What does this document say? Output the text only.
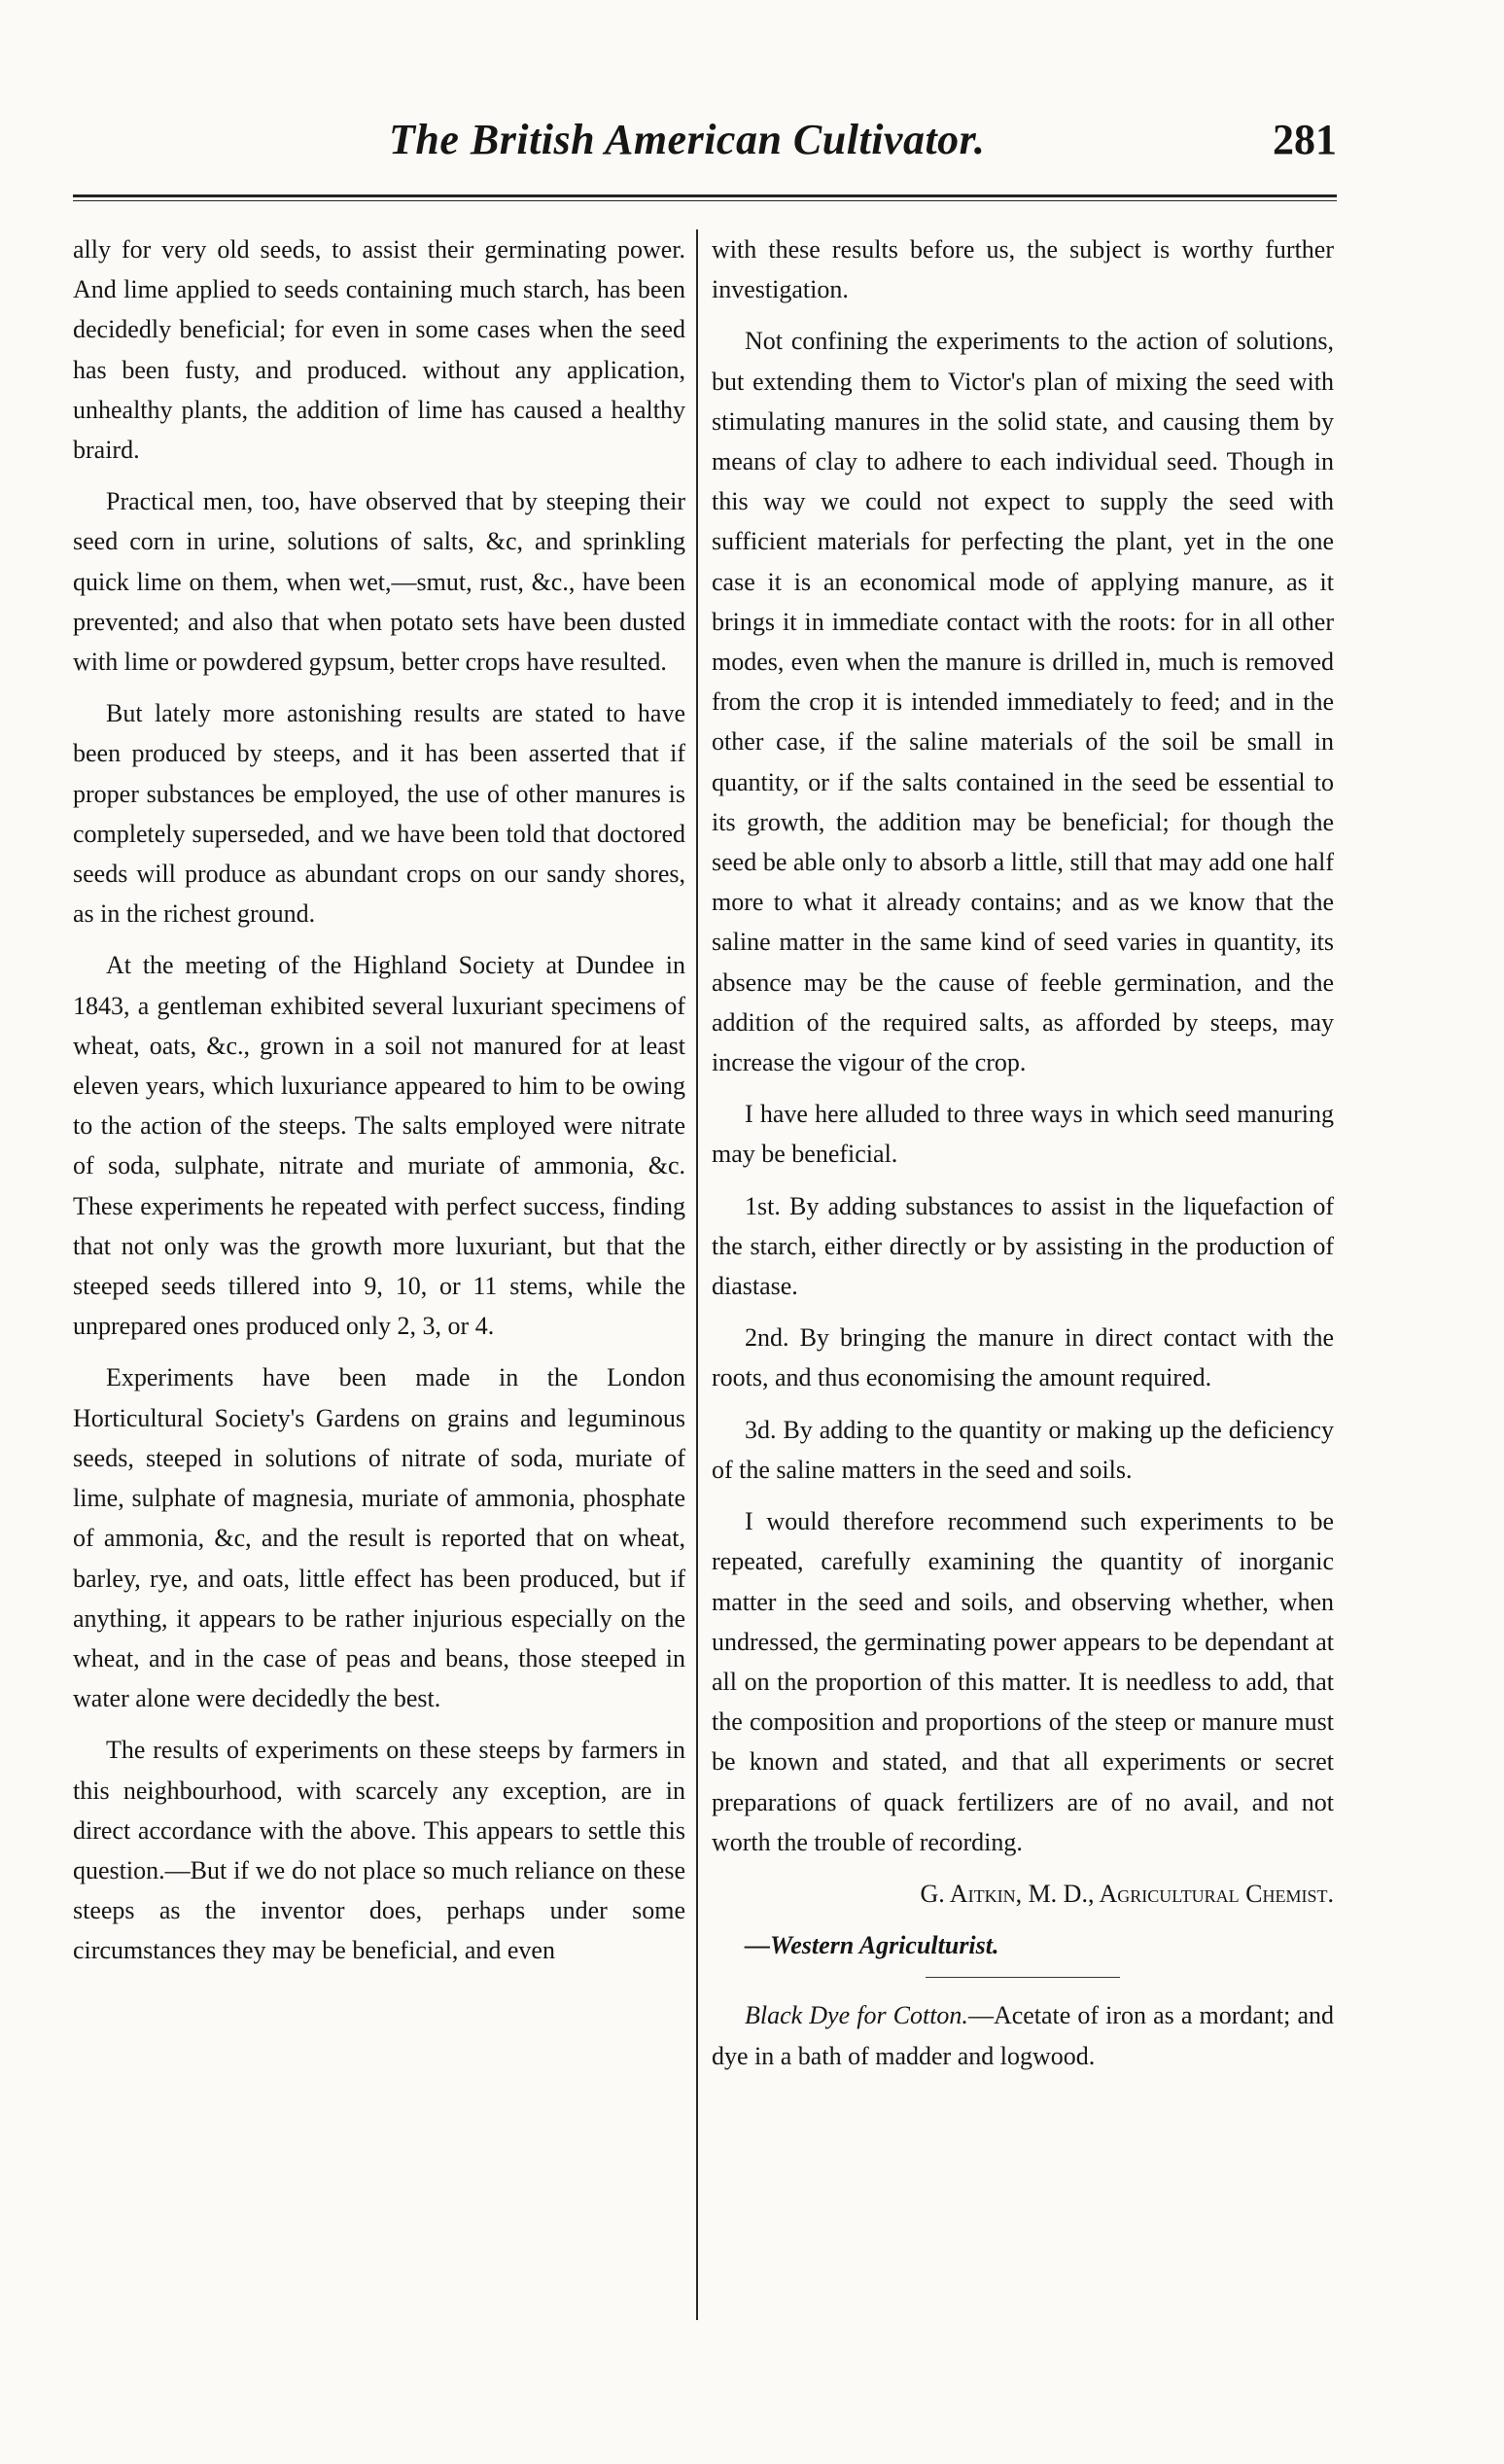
The British American Cultivator.	281

ally for very old seeds, to assist their germinating power. And lime applied to seeds containing much starch, has been decidedly beneficial; for even in some cases when the seed has been fusty, and produced. without any application, unhealthy plants, the addition of lime has caused a healthy braird.

Practical men, too, have observed that by steeping their seed corn in urine, solutions of salts, &c, and sprinkling quick lime on them, when wet,—smut, rust, &c., have been prevented; and also that when potato sets have been dusted with lime or powdered gypsum, better crops have resulted.

But lately more astonishing results are stated to have been produced by steeps, and it has been asserted that if proper substances be employed, the use of other manures is completely superseded, and we have been told that doctored seeds will produce as abundant crops on our sandy shores, as in the richest ground.

At the meeting of the Highland Society at Dundee in 1843, a gentleman exhibited several luxuriant specimens of wheat, oats, &c., grown in a soil not manured for at least eleven years, which luxuriance appeared to him to be owing to the action of the steeps. The salts employed were nitrate of soda, sulphate, nitrate and muriate of ammonia, &c. These experiments he repeated with perfect success, finding that not only was the growth more luxuriant, but that the steeped seeds tillered into 9, 10, or 11 stems, while the unprepared ones produced only 2, 3, or 4.

Experiments have been made in the London Horticultural Society's Gardens on grains and leguminous seeds, steeped in solutions of nitrate of soda, muriate of lime, sulphate of magnesia, muriate of ammonia, phosphate of ammonia, &c, and the result is reported that on wheat, barley, rye, and oats, little effect has been produced, but if anything, it appears to be rather injurious especially on the wheat, and in the case of peas and beans, those steeped in water alone were decidedly the best.

The results of experiments on these steeps by farmers in this neighbourhood, with scarcely any exception, are in direct accordance with the above. This appears to settle this question.—But if we do not place so much reliance on these steeps as the inventor does, perhaps under some circumstances they may be beneficial, and even

with these results before us, the subject is worthy further investigation.

Not confining the experiments to the action of solutions, but extending them to Victor's plan of mixing the seed with stimulating manures in the solid state, and causing them by means of clay to adhere to each individual seed. Though in this way we could not expect to supply the seed with sufficient materials for perfecting the plant, yet in the one case it is an economical mode of applying manure, as it brings it in immediate contact with the roots: for in all other modes, even when the manure is drilled in, much is removed from the crop it is intended immediately to feed; and in the other case, if the saline materials of the soil be small in quantity, or if the salts contained in the seed be essential to its growth, the addition may be beneficial; for though the seed be able only to absorb a little, still that may add one half more to what it already contains; and as we know that the saline matter in the same kind of seed varies in quantity, its absence may be the cause of feeble germination, and the addition of the required salts, as afforded by steeps, may increase the vigour of the crop.

I have here alluded to three ways in which seed manuring may be beneficial.

1st. By adding substances to assist in the liquefaction of the starch, either directly or by assisting in the production of diastase.

2nd. By bringing the manure in direct contact with the roots, and thus economising the amount required.

3d. By adding to the quantity or making up the deficiency of the saline matters in the seed and soils.

I would therefore recommend such experiments to be repeated, carefully examining the quantity of inorganic matter in the seed and soils, and observing whether, when undressed, the germinating power appears to be dependant at all on the proportion of this matter. It is needless to add, that the composition and proportions of the steep or manure must be known and stated, and that all experiments or secret preparations of quack fertilizers are of no avail, and not worth the trouble of recording.

G. Aitkin, M. D., Agricultural Chemist.

—Western Agriculturist.

Black Dye for Cotton.—Acetate of iron as a mordant; and dye in a bath of madder and logwood.
